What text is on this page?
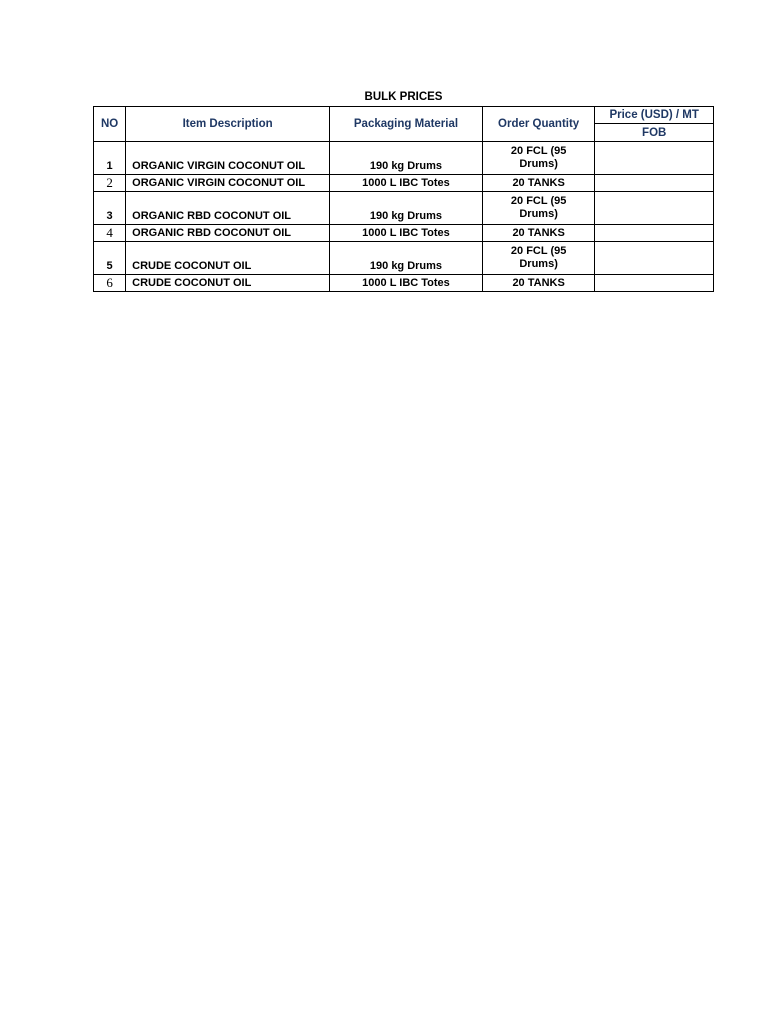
BULK PRICES
NO	Item Description	Packaging Material	Order Quantity	Price (USD) / MT
				FOB
1	ORGANIC VIRGIN COCONUT OIL	190 kg Drums	20 FCL (95
Drums)	
2	ORGANIC VIRGIN COCONUT OIL	1000 L IBC Totes	20 TANKS	
3	ORGANIC RBD COCONUT OIL	190 kg Drums	20 FCL (95
Drums)	
4	ORGANIC RBD COCONUT OIL	1000 L IBC Totes	20 TANKS	
5	CRUDE COCONUT OIL	190 kg Drums	20 FCL (95
Drums)	
6	CRUDE COCONUT OIL	1000 L IBC Totes	20 TANKS	
